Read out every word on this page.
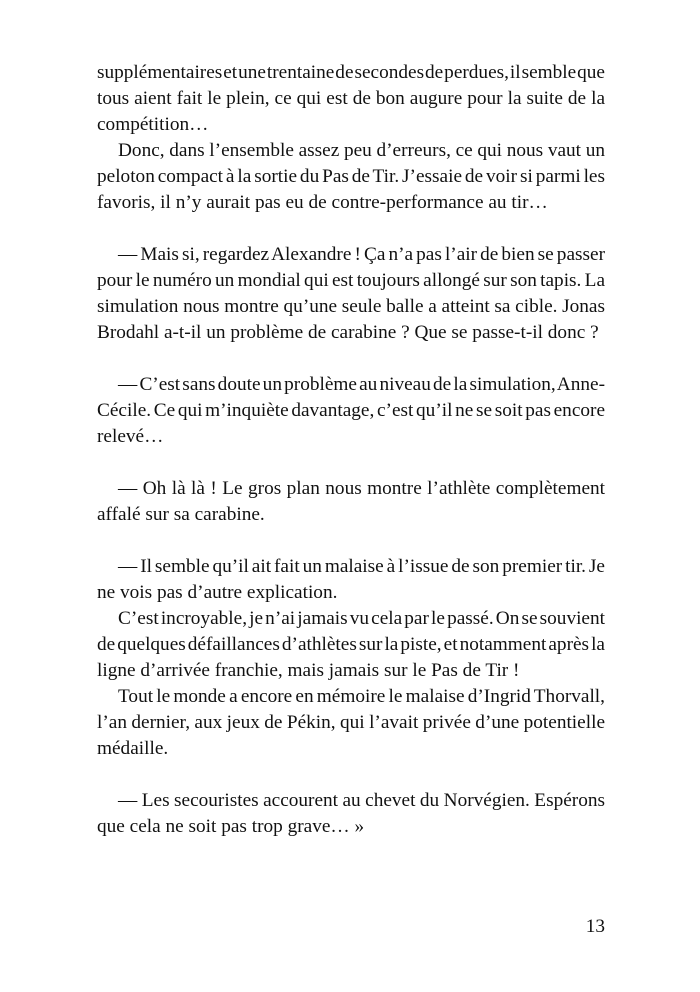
supplémentaires et une trentaine de secondes de perdues, il semble que
tous aient fait le plein, ce qui est de bon augure pour la suite de la
compétition…
Donc, dans l’ensemble assez peu d’erreurs, ce qui nous vaut un
peloton compact à la sortie du Pas de Tir. J’essaie de voir si parmi les
favoris, il n’y aurait pas eu de contre-performance au tir…
— Mais si, regardez Alexandre ! Ça n’a pas l’air de bien se passer
pour le numéro un mondial qui est toujours allongé sur son tapis. La
simulation nous montre qu’une seule balle a atteint sa cible. Jonas
Brodahl a-t-il un problème de carabine ? Que se passe-t-il donc ?
— C’est sans doute un problème au niveau de la simulation, Anne-
Cécile. Ce qui m’inquiète davantage, c’est qu’il ne se soit pas encore
relevé…
— Oh là là ! Le gros plan nous montre l’athlète complètement
affalé sur sa carabine.
— Il semble qu’il ait fait un malaise à l’issue de son premier tir. Je
ne vois pas d’autre explication.
C’est incroyable, je n’ai jamais vu cela par le passé. On se souvient
de quelques défaillances d’athlètes sur la piste, et notamment après la
ligne d’arrivée franchie, mais jamais sur le Pas de Tir !
Tout le monde a encore en mémoire le malaise d’Ingrid Thorvall,
l’an dernier, aux jeux de Pékin, qui l’avait privée d’une potentielle
médaille.
— Les secouristes accourent au chevet du Norvégien. Espérons
que cela ne soit pas trop grave… »
13
